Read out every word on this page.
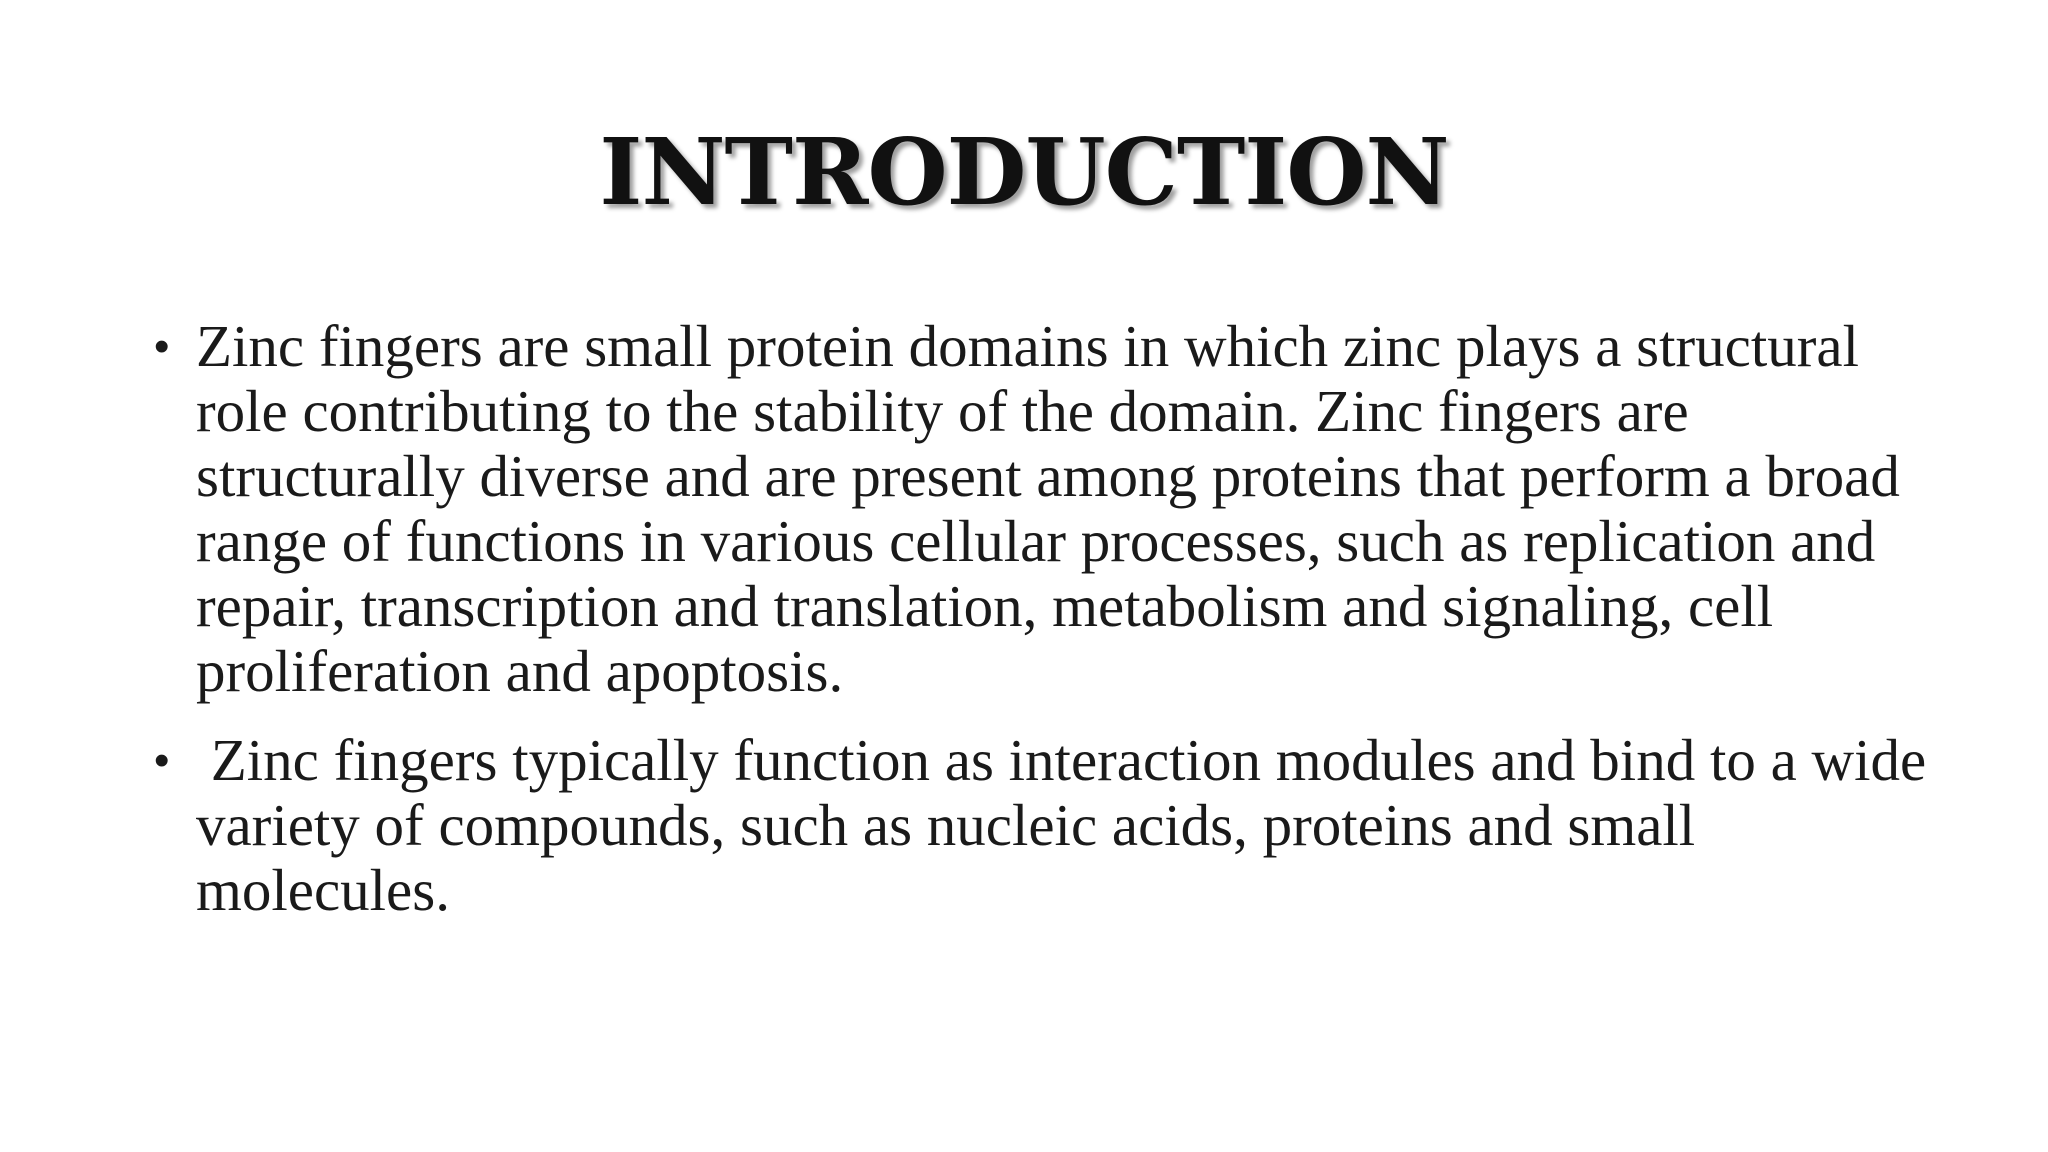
INTRODUCTION
• Zinc fingers are small protein domains in which zinc plays a structural role contributing to the stability of the domain. Zinc fingers are structurally diverse and are present among proteins that perform a broad range of functions in various cellular processes, such as replication and repair, transcription and translation, metabolism and signaling, cell proliferation and apoptosis.
• Zinc fingers typically function as interaction modules and bind to a wide variety of compounds, such as nucleic acids, proteins and small molecules.
